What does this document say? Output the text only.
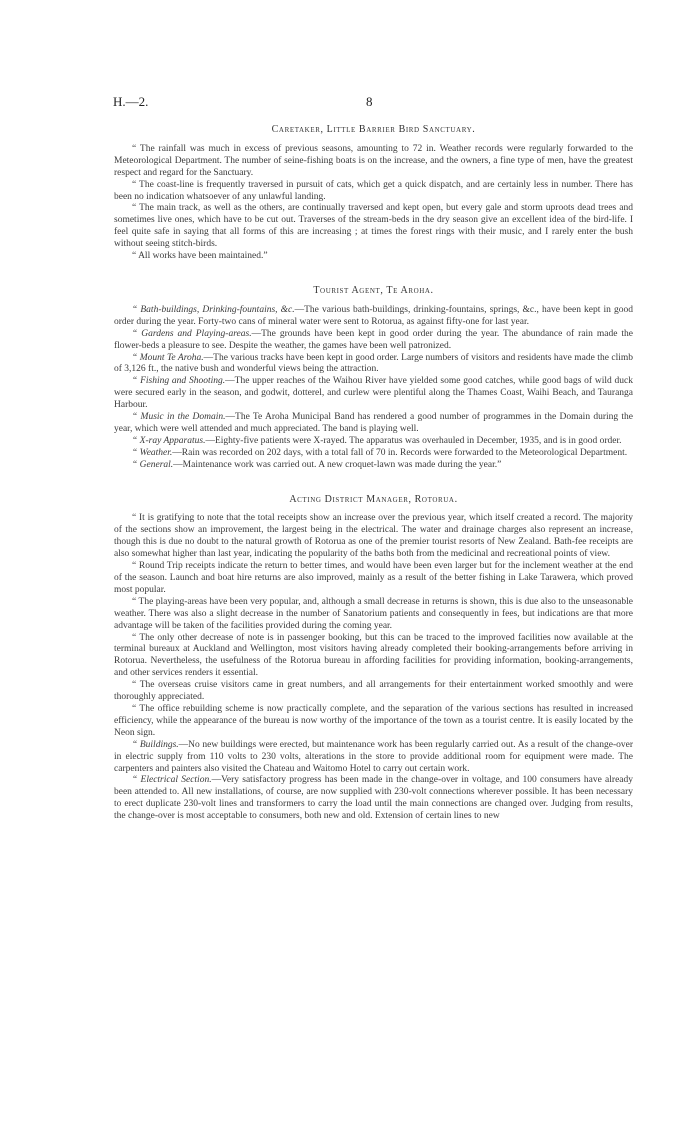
H.—2.	8
Caretaker, Little Barrier Bird Sanctuary.

“ The rainfall was much in excess of previous seasons, amounting to 72 in. Weather records were regularly forwarded to the Meteorological Department. The number of seine-fishing boats is on the increase, and the owners, a fine type of men, have the greatest respect and regard for the Sanctuary.

“ The coast-line is frequently traversed in pursuit of cats, which get a quick dispatch, and are certainly less in number. There has been no indication whatsoever of any unlawful landing.

“ The main track, as well as the others, are continually traversed and kept open, but every gale and storm uproots dead trees and sometimes live ones, which have to be cut out. Traverses of the stream-beds in the dry season give an excellent idea of the bird-life. I feel quite safe in saying that all forms of this are increasing ; at times the forest rings with their music, and I rarely enter the bush without seeing stitch-birds.

“ All works have been maintained.”

Tourist Agent, Te Aroha.

“ Bath-buildings, Drinking-fountains, &c.—The various bath-buildings, drinking-fountains, springs, &c., have been kept in good order during the year. Forty-two cans of mineral water were sent to Rotorua, as against fifty-one for last year.

“ Gardens and Playing-areas.—The grounds have been kept in good order during the year. The abundance of rain made the flower-beds a pleasure to see. Despite the weather, the games have been well patronized.

“ Mount Te Aroha.—The various tracks have been kept in good order. Large numbers of visitors and residents have made the climb of 3,126 ft., the native bush and wonderful views being the attraction.

“ Fishing and Shooting.—The upper reaches of the Waihou River have yielded some good catches, while good bags of wild duck were secured early in the season, and godwit, dotterel, and curlew were plentiful along the Thames Coast, Waihi Beach, and Tauranga Harbour.

“ Music in the Domain.—The Te Aroha Municipal Band has rendered a good number of programmes in the Domain during the year, which were well attended and much appreciated. The band is playing well.

“ X-ray Apparatus.—Eighty-five patients were X-rayed. The apparatus was overhauled in December, 1935, and is in good order.

“ Weather.—Rain was recorded on 202 days, with a total fall of 70 in. Records were forwarded to the Meteorological Department.

“ General.—Maintenance work was carried out. A new croquet-lawn was made during the year.”

Acting District Manager, Rotorua.

“ It is gratifying to note that the total receipts show an increase over the previous year, which itself created a record. The majority of the sections show an improvement, the largest being in the electrical. The water and drainage charges also represent an increase, though this is due no doubt to the natural growth of Rotorua as one of the premier tourist resorts of New Zealand. Bath-fee receipts are also somewhat higher than last year, indicating the popularity of the baths both from the medicinal and recreational points of view.

“ Round Trip receipts indicate the return to better times, and would have been even larger but for the inclement weather at the end of the season. Launch and boat hire returns are also improved, mainly as a result of the better fishing in Lake Tarawera, which proved most popular.

“ The playing-areas have been very popular, and, although a small decrease in returns is shown, this is due also to the unseasonable weather. There was also a slight decrease in the number of Sanatorium patients and consequently in fees, but indications are that more advantage will be taken of the facilities provided during the coming year.

“ The only other decrease of note is in passenger booking, but this can be traced to the improved facilities now available at the terminal bureaux at Auckland and Wellington, most visitors having already completed their booking-arrangements before arriving in Rotorua. Nevertheless, the usefulness of the Rotorua bureau in affording facilities for providing information, booking-arrangements, and other services renders it essential.

“ The overseas cruise visitors came in great numbers, and all arrangements for their entertainment worked smoothly and were thoroughly appreciated.

“ The office rebuilding scheme is now practically complete, and the separation of the various sections has resulted in increased efficiency, while the appearance of the bureau is now worthy of the importance of the town as a tourist centre. It is easily located by the Neon sign.

“ Buildings.—No new buildings were erected, but maintenance work has been regularly carried out. As a result of the change-over in electric supply from 110 volts to 230 volts, alterations in the store to provide additional room for equipment were made. The carpenters and painters also visited the Chateau and Waitomo Hotel to carry out certain work.

“ Electrical Section.—Very satisfactory progress has been made in the change-over in voltage, and 100 consumers have already been attended to. All new installations, of course, are now supplied with 230-volt connections wherever possible. It has been necessary to erect duplicate 230-volt lines and transformers to carry the load until the main connections are changed over. Judging from results, the change-over is most acceptable to consumers, both new and old. Extension of certain lines to new
